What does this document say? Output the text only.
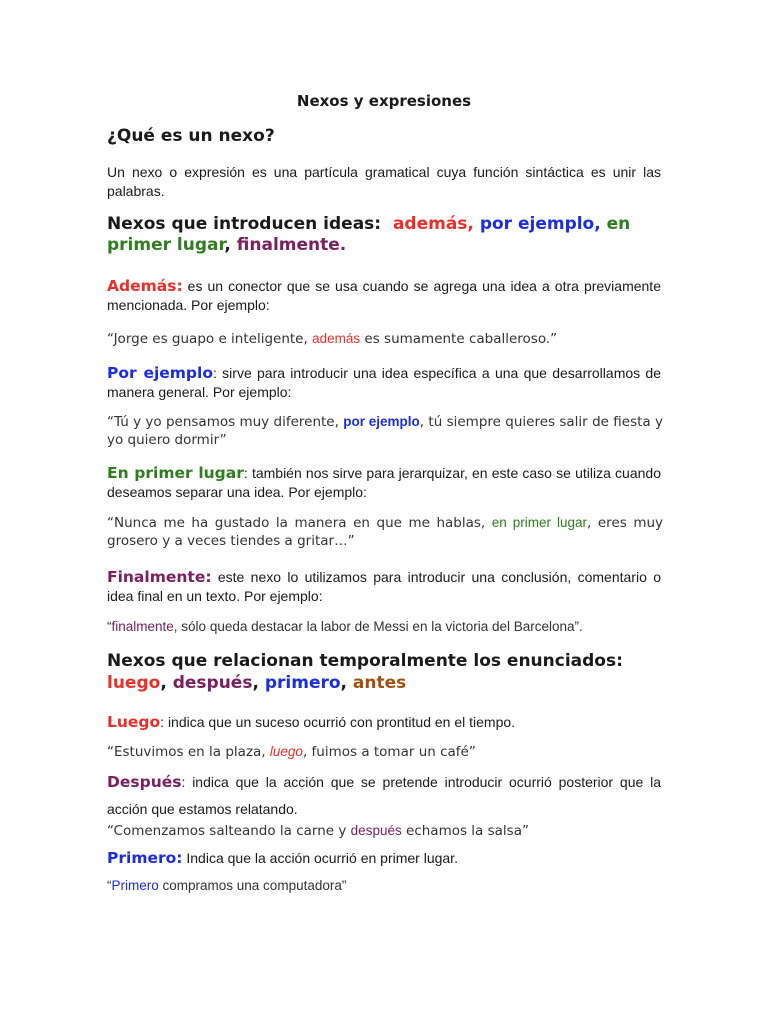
Nexos y expresiones
¿Qué es un nexo?

Un nexo o expresión es una partícula gramatical cuya función sintáctica es unir las palabras.

Nexos que introducen ideas: además, por ejemplo, en primer lugar, finalmente.

Además: es un conector que se usa cuando se agrega una idea a otra previamente mencionada. Por ejemplo:

“Jorge es guapo e inteligente, además es sumamente caballeroso.”

Por ejemplo: sirve para introducir una idea específica a una que desarrollamos de manera general. Por ejemplo:

“Tú y yo pensamos muy diferente, por ejemplo, tú siempre quieres salir de fiesta y yo quiero dormir”

En primer lugar: también nos sirve para jerarquizar, en este caso se utiliza cuando deseamos separar una idea. Por ejemplo:

“Nunca me ha gustado la manera en que me hablas, en primer lugar, eres muy grosero y a veces tiendes a gritar…”

Finalmente: este nexo lo utilizamos para introducir una conclusión, comentario o idea final en un texto. Por ejemplo:

“finalmente, sólo queda destacar la labor de Messi en la victoria del Barcelona”.

Nexos que relacionan temporalmente los enunciados: luego, después, primero, antes

Luego: indica que un suceso ocurrió con prontitud en el tiempo.

“Estuvimos en la plaza, luego, fuimos a tomar un café”

Después: indica que la acción que se pretende introducir ocurrió posterior que la acción que estamos relatando.

“Comenzamos salteando la carne y después echamos la salsa”

Primero: Indica que la acción ocurrió en primer lugar.

“Primero compramos una computadora”
